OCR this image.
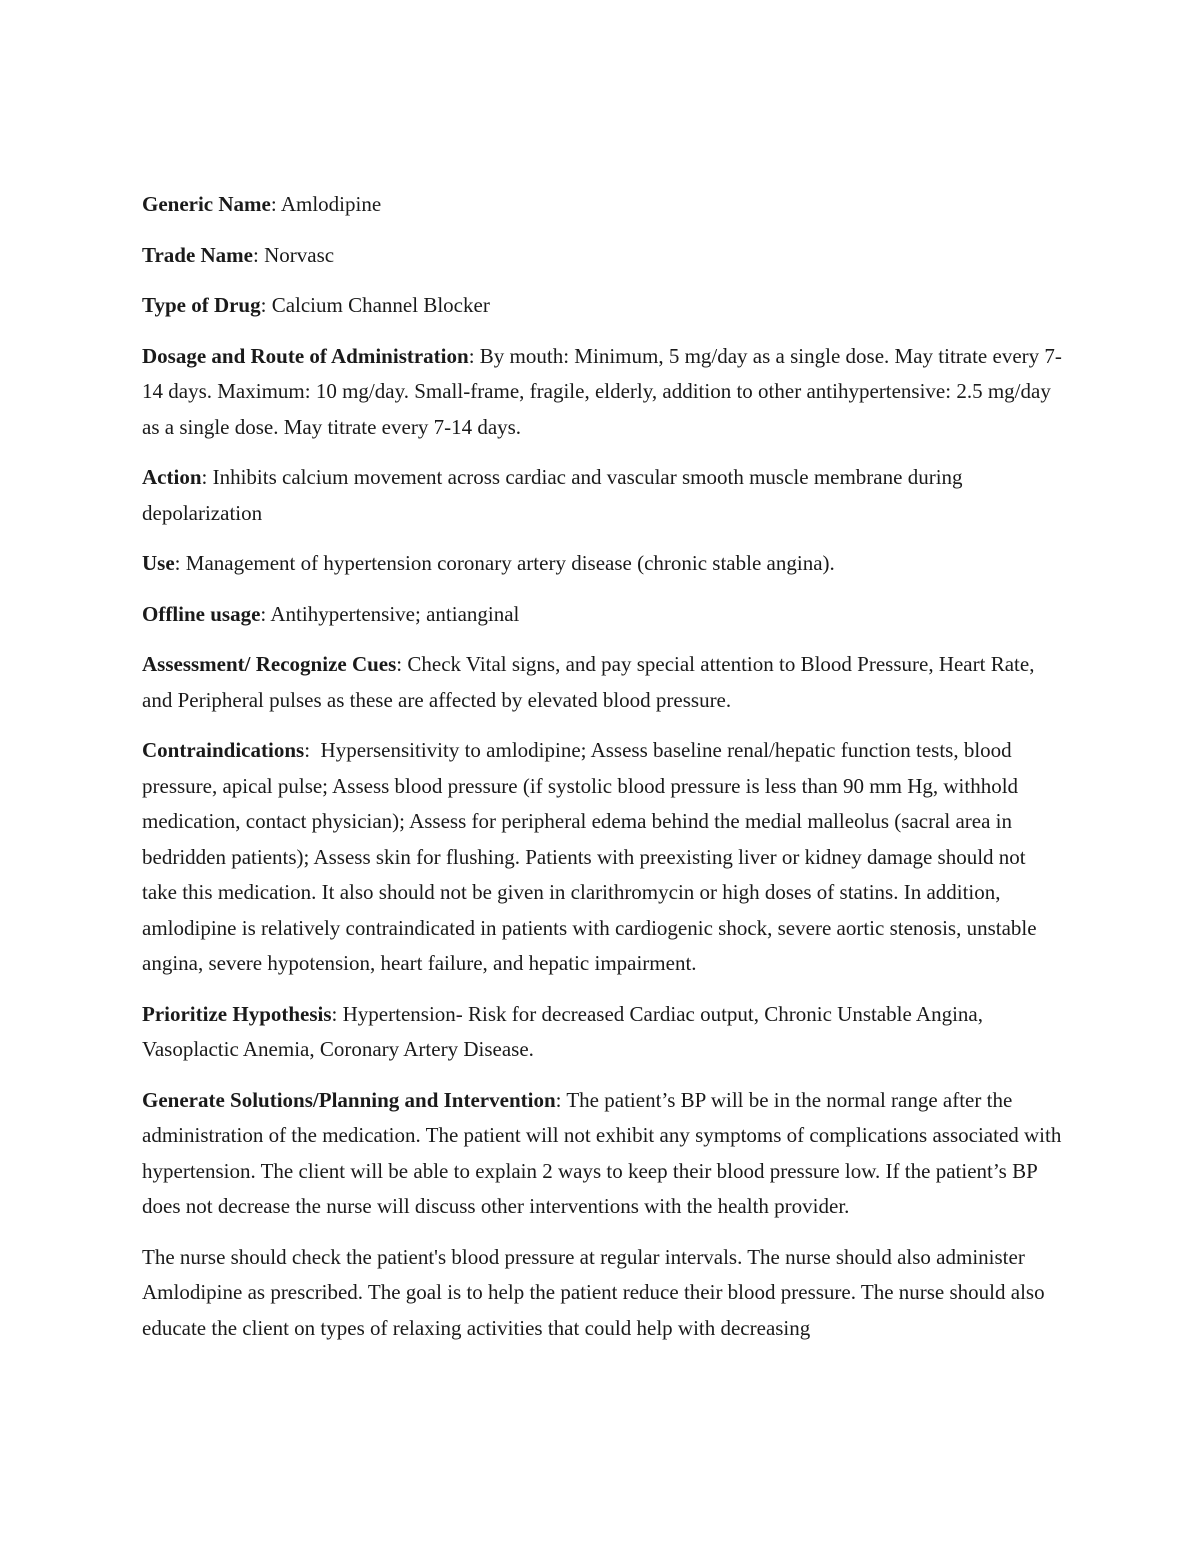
Generic Name: Amlodipine

Trade Name: Norvasc

Type of Drug: Calcium Channel Blocker

Dosage and Route of Administration: By mouth: Minimum, 5 mg/day as a single dose. May titrate every 7-14 days. Maximum: 10 mg/day. Small-frame, fragile, elderly, addition to other antihypertensive: 2.5 mg/day as a single dose. May titrate every 7-14 days.

Action: Inhibits calcium movement across cardiac and vascular smooth muscle membrane during depolarization

Use: Management of hypertension coronary artery disease (chronic stable angina).

Offline usage: Antihypertensive; antianginal

Assessment/ Recognize Cues: Check Vital signs, and pay special attention to Blood Pressure, Heart Rate, and Peripheral pulses as these are affected by elevated blood pressure.

Contraindications:  Hypersensitivity to amlodipine; Assess baseline renal/hepatic function tests, blood pressure, apical pulse; Assess blood pressure (if systolic blood pressure is less than 90 mm Hg, withhold medication, contact physician); Assess for peripheral edema behind the medial malleolus (sacral area in bedridden patients); Assess skin for flushing. Patients with preexisting liver or kidney damage should not take this medication. It also should not be given in clarithromycin or high doses of statins. In addition, amlodipine is relatively contraindicated in patients with cardiogenic shock, severe aortic stenosis, unstable angina, severe hypotension, heart failure, and hepatic impairment.

Prioritize Hypothesis: Hypertension- Risk for decreased Cardiac output, Chronic Unstable Angina, Vasoplactic Anemia, Coronary Artery Disease.

Generate Solutions/Planning and Intervention: The patient’s BP will be in the normal range after the administration of the medication. The patient will not exhibit any symptoms of complications associated with hypertension. The client will be able to explain 2 ways to keep their blood pressure low. If the patient’s BP does not decrease the nurse will discuss other interventions with the health provider.

The nurse should check the patient's blood pressure at regular intervals. The nurse should also administer Amlodipine as prescribed. The goal is to help the patient reduce their blood pressure. The nurse should also educate the client on types of relaxing activities that could help with decreasing
